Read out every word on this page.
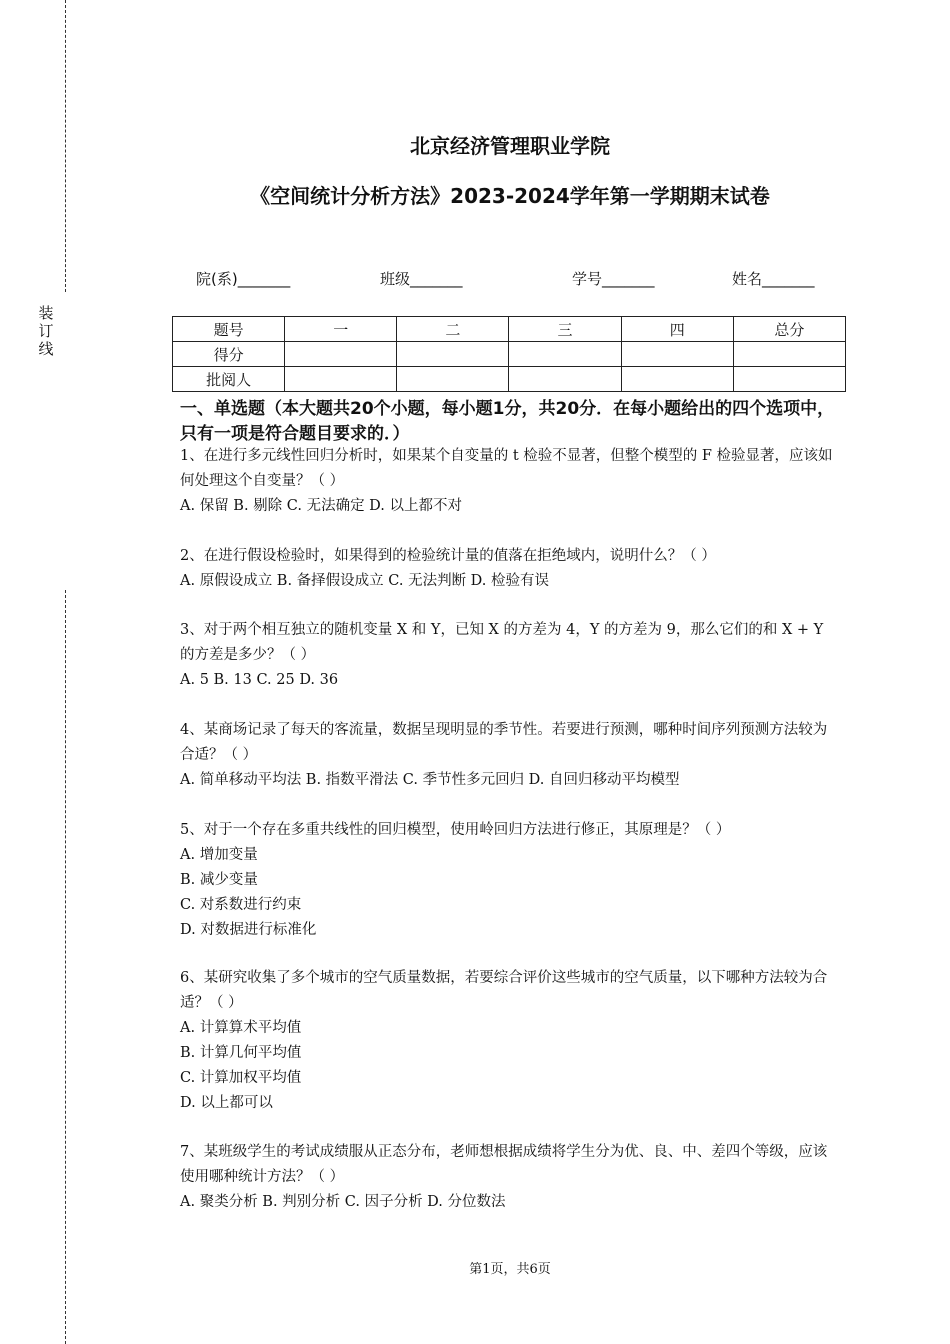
装订线
北京经济管理职业学院
《空间统计分析方法》2023-2024学年第一学期期末试卷
院(系)_______	班级_______	学号_______	姓名_______
题号	一	二	三	四	总分
得分					
批阅人					
一、单选题（本大题共20个小题，每小题1分，共20分．在每小题给出的四个选项中，只有一项是符合题目要求的．）

1、在进行多元线性回归分析时，如果某个自变量的 t 检验不显著，但整个模型的 F 检验显著，应该如何处理这个自变量？（ ）

A. 保留 B. 剔除 C. 无法确定 D. 以上都不对

2、在进行假设检验时，如果得到的检验统计量的值落在拒绝域内，说明什么？（ ）

A. 原假设成立 B. 备择假设成立 C. 无法判断 D. 检验有误

3、对于两个相互独立的随机变量 X 和 Y，已知 X 的方差为 4，Y 的方差为 9，那么它们的和 X + Y 的方差是多少？（ ）

A. 5 B. 13 C. 25 D. 36

4、某商场记录了每天的客流量，数据呈现明显的季节性。若要进行预测，哪种时间序列预测方法较为合适？（ ）

A. 简单移动平均法 B. 指数平滑法 C. 季节性多元回归 D. 自回归移动平均模型

5、对于一个存在多重共线性的回归模型，使用岭回归方法进行修正，其原理是？（ ）

A. 增加变量

B. 减少变量

C. 对系数进行约束

D. 对数据进行标准化

6、某研究收集了多个城市的空气质量数据，若要综合评价这些城市的空气质量，以下哪种方法较为合适？（ ）

A. 计算算术平均值

B. 计算几何平均值

C. 计算加权平均值

D. 以上都可以

7、某班级学生的考试成绩服从正态分布，老师想根据成绩将学生分为优、良、中、差四个等级，应该使用哪种统计方法？（ ）

A. 聚类分析 B. 判别分析 C. 因子分析 D. 分位数法

第1页，共6页
